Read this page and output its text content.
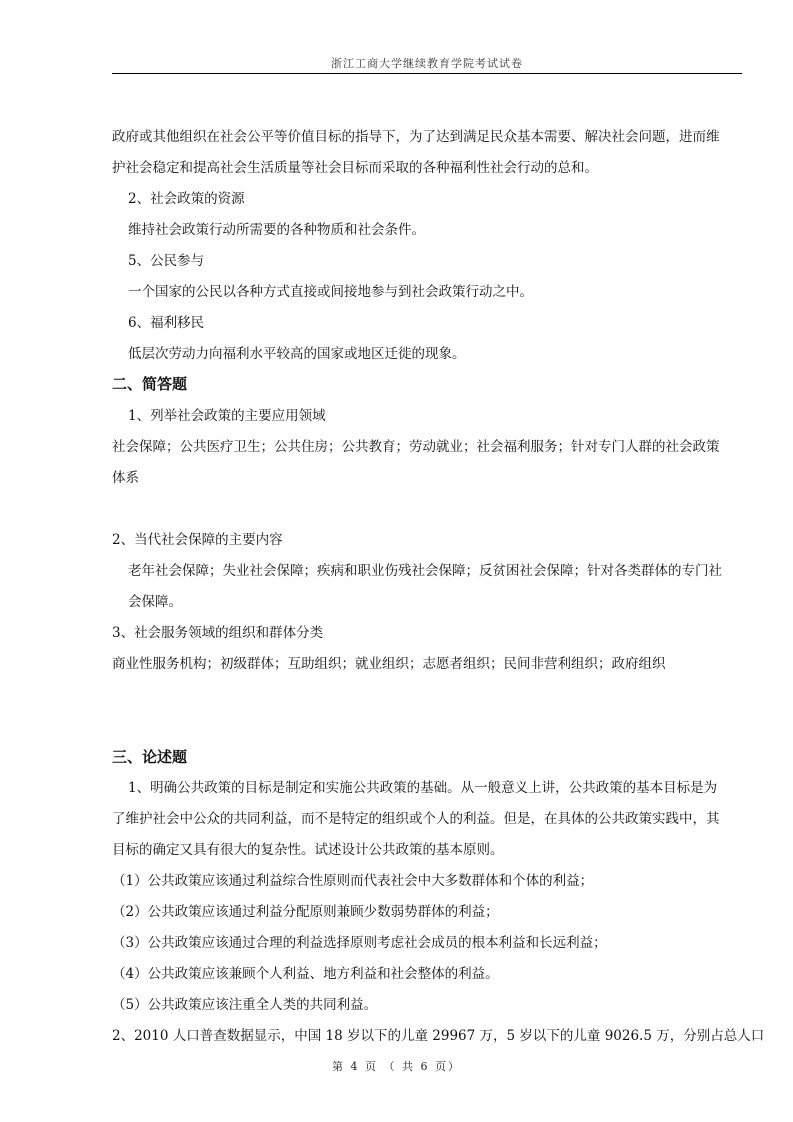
浙江工商大学继续教育学院考试试卷
政府或其他组织在社会公平等价值目标的指导下，为了达到满足民众基本需要、解决社会问题，进而维
护社会稳定和提高社会生活质量等社会目标而采取的各种福利性社会行动的总和。
2、社会政策的资源
维持社会政策行动所需要的各种物质和社会条件。
5、公民参与
一个国家的公民以各种方式直接或间接地参与到社会政策行动之中。
6、福利移民
低层次劳动力向福利水平较高的国家或地区迁徙的现象。
二、简答题
1、列举社会政策的主要应用领域
社会保障；公共医疗卫生；公共住房；公共教育；劳动就业；社会福利服务；针对专门人群的社会政策
体系
2、当代社会保障的主要内容
老年社会保障；失业社会保障；疾病和职业伤残社会保障；反贫困社会保障；针对各类群体的专门社
会保障。
3、社会服务领域的组织和群体分类
商业性服务机构；初级群体；互助组织；就业组织；志愿者组织；民间非营利组织；政府组织
三、论述题
1、明确公共政策的目标是制定和实施公共政策的基础。从一般意义上讲，公共政策的基本目标是为
了维护社会中公众的共同利益，而不是特定的组织或个人的利益。但是，在具体的公共政策实践中，其
目标的确定又具有很大的复杂性。试述设计公共政策的基本原则。
（1）公共政策应该通过利益综合性原则而代表社会中大多数群体和个体的利益；
（2）公共政策应该通过利益分配原则兼顾少数弱势群体的利益；
（3）公共政策应该通过合理的利益选择原则考虑社会成员的根本利益和长远利益；
（4）公共政策应该兼顾个人利益、地方利益和社会整体的利益。
（5）公共政策应该注重全人类的共同利益。
2、2010 人口普查数据显示，中国 18 岁以下的儿童 29967 万，5 岁以下的儿童 9026.5 万，分别占总人口
第 4 页 （ 共 6 页）
